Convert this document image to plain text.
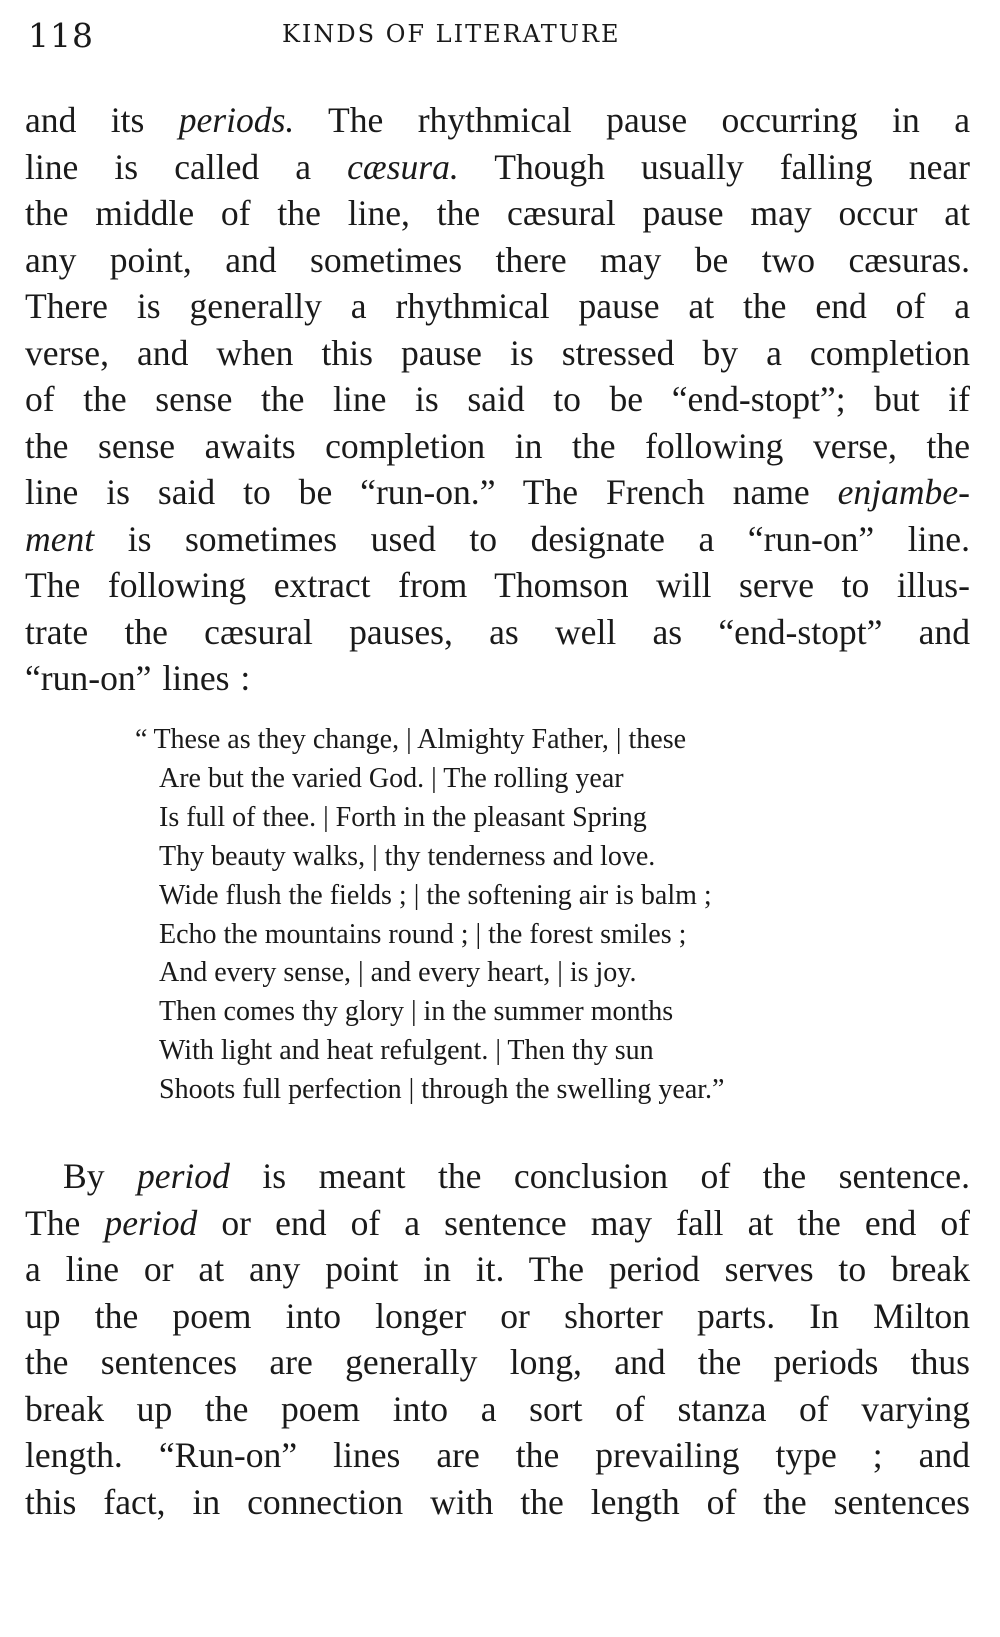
118	KINDS OF LITERATURE
and its periods. The rhythmical pause occurring in a
line is called a cæsura. Though usually falling near
the middle of the line, the cæsural pause may occur at
any point, and sometimes there may be two cæsuras.
There is generally a rhythmical pause at the end of a
verse, and when this pause is stressed by a completion
of the sense the line is said to be “end-stopt”; but if
the sense awaits completion in the following verse, the
line is said to be “run-on.” The French name enjambe-
ment is sometimes used to designate a “run-on” line.
The following extract from Thomson will serve to illus-
trate the cæsural pauses, as well as “end-stopt” and
“run-on” lines :
“ These as they change, | Almighty Father, | these
Are but the varied God. | The rolling year
Is full of thee. | Forth in the pleasant Spring
Thy beauty walks, | thy tenderness and love.
Wide flush the fields ; | the softening air is balm ;
Echo the mountains round ; | the forest smiles ;
And every sense, | and every heart, | is joy.
Then comes thy glory | in the summer months
With light and heat refulgent. | Then thy sun
Shoots full perfection | through the swelling year.”
By period is meant the conclusion of the sentence.
The period or end of a sentence may fall at the end of
a line or at any point in it. The period serves to break
up the poem into longer or shorter parts. In Milton
the sentences are generally long, and the periods thus
break up the poem into a sort of stanza of varying
length. “Run-on” lines are the prevailing type ; and
this fact, in connection with the length of the sentences
